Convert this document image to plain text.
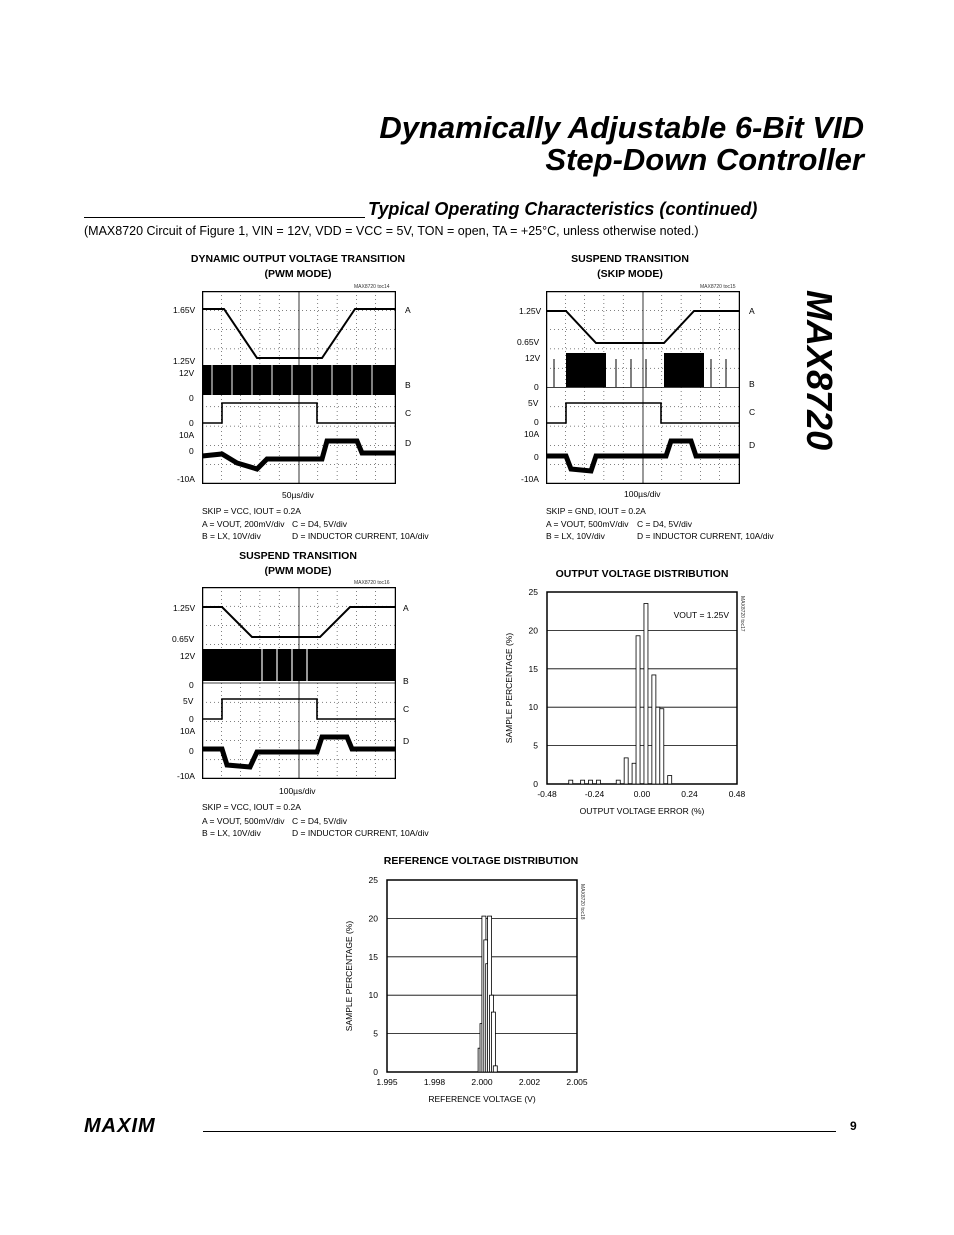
Dynamically Adjustable 6-Bit VID
Step-Down Controller
MAX8720
Typical Operating Characteristics (continued)
(MAX8720 Circuit of Figure 1, VIN = 12V, VDD = VCC = 5V, TON = open, TA = +25°C, unless otherwise noted.)
DYNAMIC OUTPUT VOLTAGE TRANSITION
(PWM MODE)
MAX8720 toc14
1.65V
1.25V
12V
0
0
10A
0
-10A
A
B
C
D
50µs/div
SKIP = VCC, IOUT = 0.2A
A = VOUT, 200mV/div C = D4, 5V/div
B = LX, 10V/div	D = INDUCTOR CURRENT, 10A/div
SUSPEND TRANSITION
(SKIP MODE)
MAX8720 toc15
1.25V
0.65V
12V
0
5V
0
10A
0
-10A
A
B
C
D
100µs/div
SKIP = GND, IOUT = 0.2A
A = VOUT, 500mV/div C = D4, 5V/div
B = LX, 10V/div	D = INDUCTOR CURRENT, 10A/div
SUSPEND TRANSITION
(PWM MODE)
MAX8720 toc16
1.25V
0.65V
12V
0
5V
0
10A
0
-10A
A
B
C
D
100µs/div
SKIP = VCC, IOUT = 0.2A
A = VOUT, 500mV/div C = D4, 5V/div
B = LX, 10V/div	D = INDUCTOR CURRENT, 10A/div
OUTPUT VOLTAGE DISTRIBUTION
0
5
10
15
20
25
-0.48	-0.24	0.00	0.24	0.48
OUTPUT VOLTAGE ERROR (%)
SAMPLE PERCENTAGE (%)
MAX8720 toc17
VOUT = 1.25V
REFERENCE VOLTAGE DISTRIBUTION
0
5
10
15
20
25
1.995	1.998	2.000	2.002	2.005
REFERENCE VOLTAGE (V)
SAMPLE PERCENTAGE (%)
MAX8720 toc18
MAXIM	9
